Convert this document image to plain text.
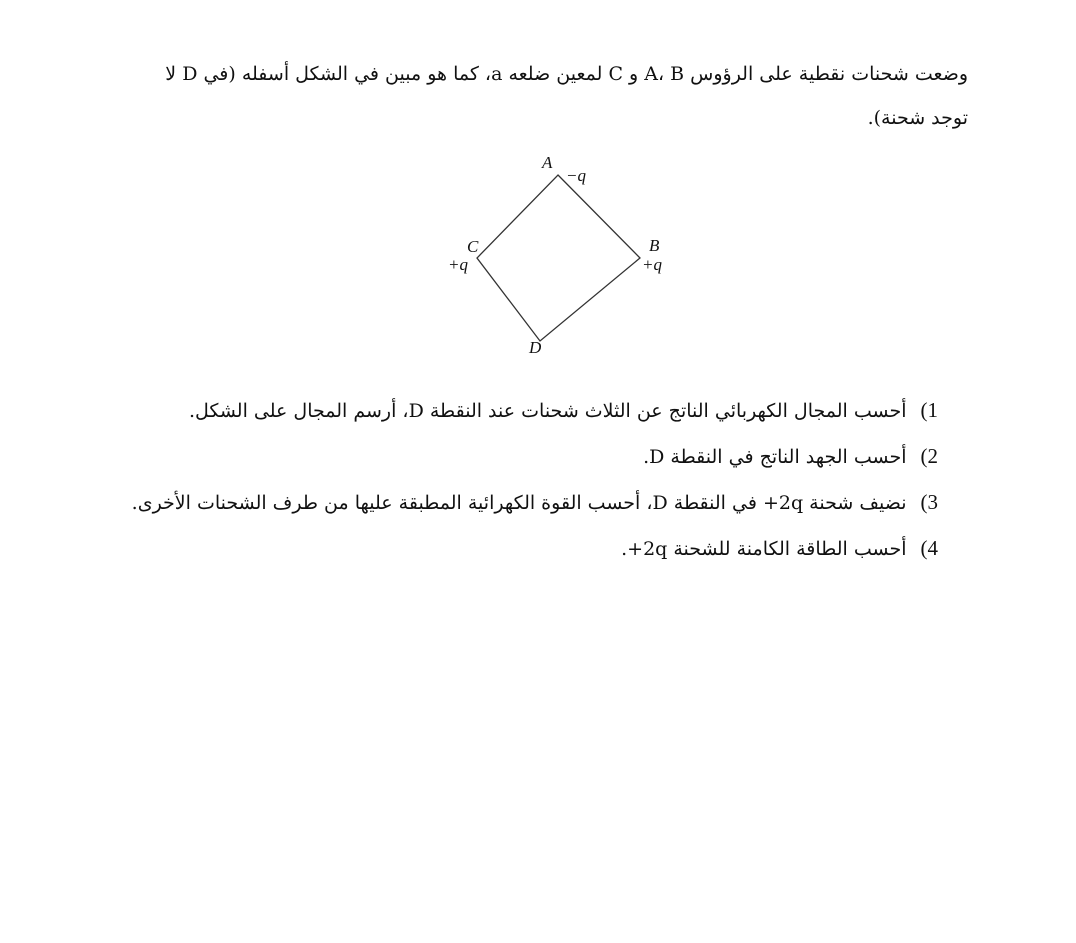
وضعت شحنات نقطية على الرؤوس A، B و C لمعين ضلعه a، كما هو مبين في الشكل أسفله (في D لا

توجد شحنة).

A
−q
B
+q
C
+q
D
1)
أحسب المجال الكهربائي الناتج عن الثلاث شحنات عند النقطة D، أرسم المجال على الشكل.
2)
أحسب الجهد الناتج في النقطة D.
3)
نضيف شحنة 2q+ في النقطة D، أحسب القوة الكهرائية المطبقة عليها من طرف الشحنات الأخرى.
4)
أحسب الطاقة الكامنة للشحنة 2q+.
